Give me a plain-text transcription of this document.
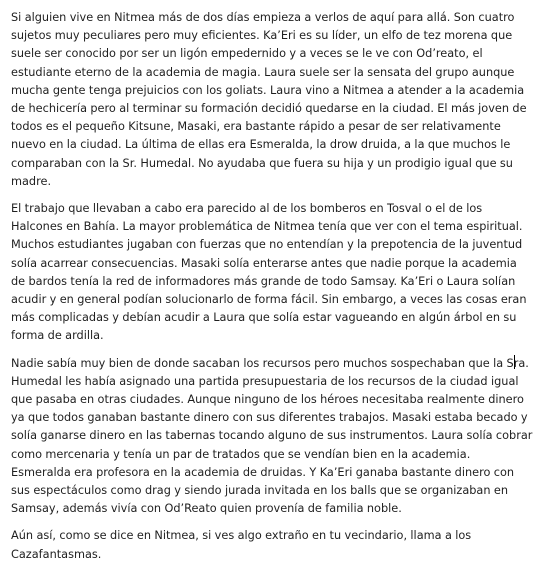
Si alguien vive en Nitmea más de dos días empieza a verlos de aquí para allá. Son cuatro sujetos muy peculiares pero muy eficientes. Ka’Eri es su líder, un elfo de tez morena que suele ser conocido por ser un ligón empedernido y a veces se le ve con Od’reato, el estudiante eterno de la academia de magia. Laura suele ser la sensata del grupo aunque mucha gente tenga prejuicios con los goliats. Laura vino a Nitmea a atender a la academia de hechicería pero al terminar su formación decidió quedarse en la ciudad. El más joven de todos es el pequeño Kitsune, Masaki, era bastante rápido a pesar de ser relativamente nuevo en la ciudad. La última de ellas era Esmeralda, la drow druida, a la que muchos le comparaban con la Sr. Humedal. No ayudaba que fuera su hija y un prodigio igual que su madre.

El trabajo que llevaban a cabo era parecido al de los bomberos en Tosval o el de los Halcones en Bahía. La mayor problemática de Nitmea tenía que ver con el tema espiritual. Muchos estudiantes jugaban con fuerzas que no entendían y la prepotencia de la juventud solía acarrear consecuencias. Masaki solía enterarse antes que nadie porque la academia de bardos tenía la red de informadores más grande de todo Samsay. Ka’Eri o Laura solían acudir y en general podían solucionarlo de forma fácil. Sin embargo, a veces las cosas eran más complicadas y debían acudir a Laura que solía estar vagueando en algún árbol en su forma de ardilla.

Nadie sabía muy bien de donde sacaban los recursos pero muchos sospechaban que la Sra. Humedal les había asignado una partida presupuestaria de los recursos de la ciudad igual que pasaba en otras ciudades. Aunque ninguno de los héroes necesitaba realmente dinero ya que todos ganaban bastante dinero con sus diferentes trabajos. Masaki estaba becado y solía ganarse dinero en las tabernas tocando alguno de sus instrumentos. Laura solía cobrar como mercenaria y tenía un par de tratados que se vendían bien en la academia. Esmeralda era profesora en la academia de druidas. Y Ka’Eri ganaba bastante dinero con sus espectáculos como drag y siendo jurada invitada en los balls que se organizaban en Samsay, además vivía con Od’Reato quien provenía de familia noble.

Aún así, como se dice en Nitmea, si ves algo extraño en tu vecindario, llama a los Cazafantasmas.
